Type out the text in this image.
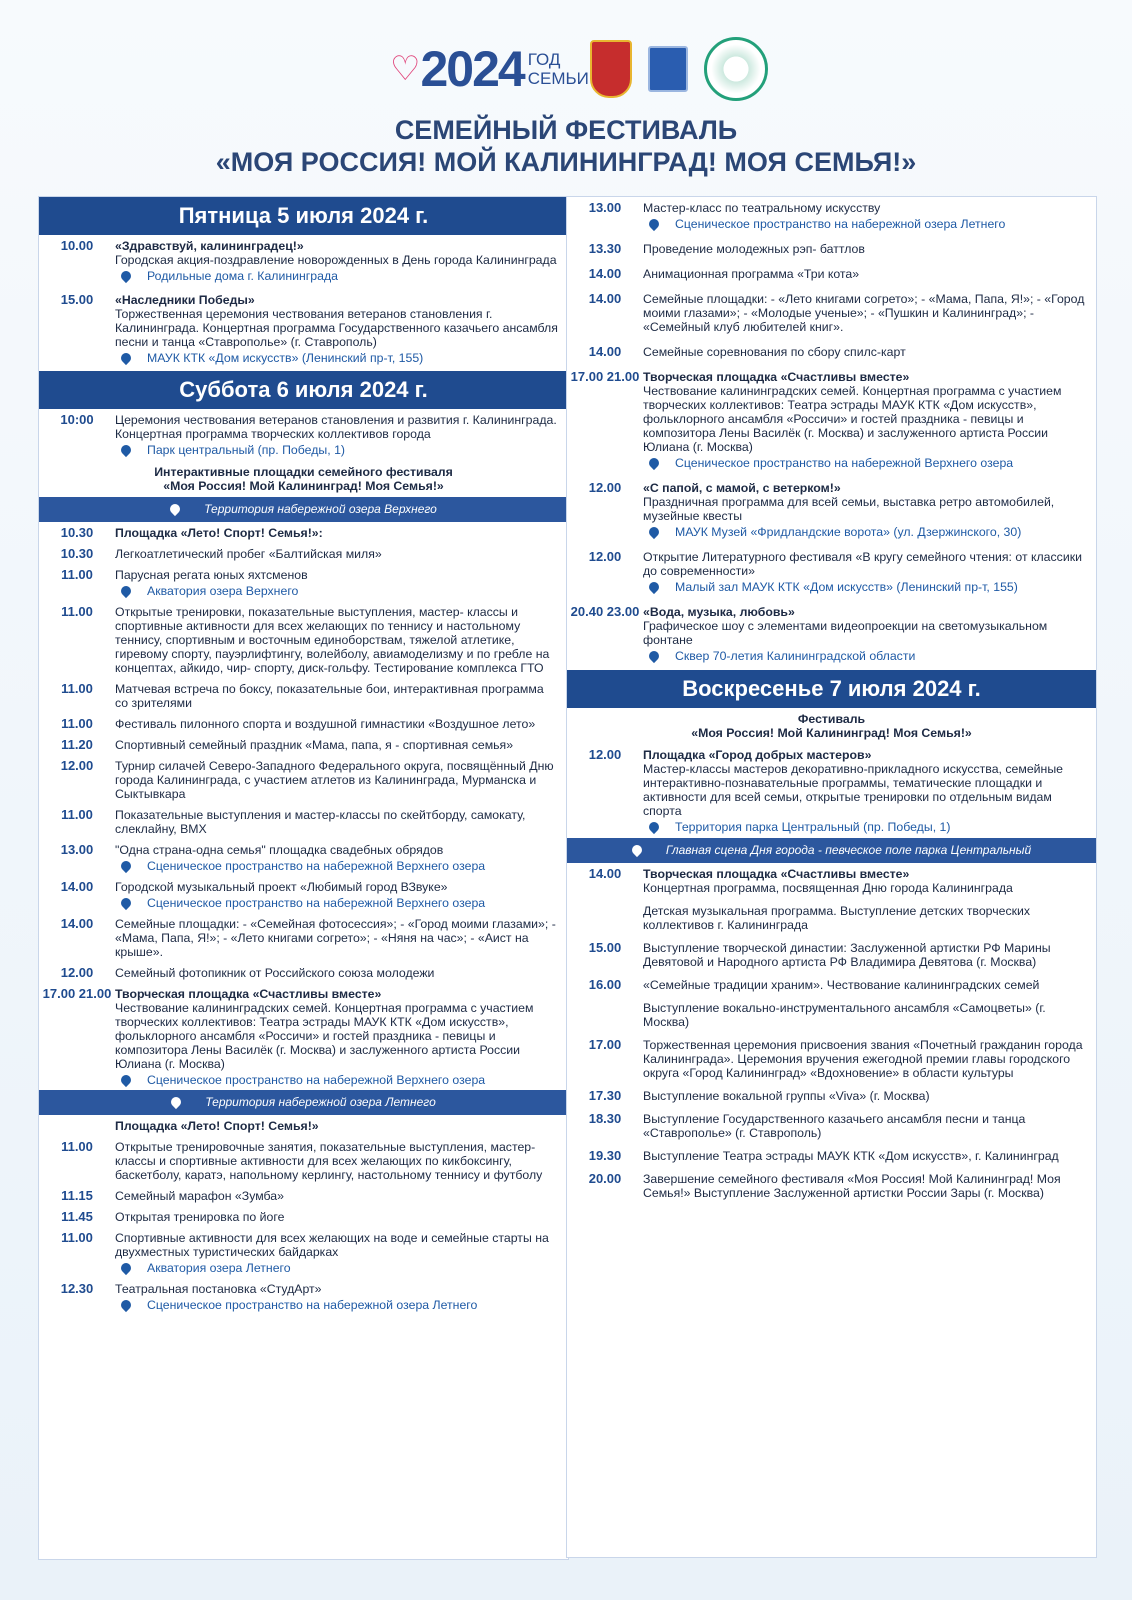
♡ 2024 ГОД
СЕМЬИ
СЕМЕЙНЫЙ ФЕСТИВАЛЬ
«МОЯ РОССИЯ! МОЙ КАЛИНИНГРАД! МОЯ СЕМЬЯ!»
Пятница 5 июля 2024 г.
10.00	«Здравствуй, калининградец!»
Городская акция-поздравление новорожденных в День города Калининграда
Родильные дома г. Калининграда
15.00	«Наследники Победы»
Торжественная церемония чествования ветеранов становления г. Калининграда. Концертная программа Государственного казачьего ансамбля песни и танца «Ставрополье» (г. Ставрополь)
МАУК КТК «Дом искусств» (Ленинский пр-т, 155)
Суббота 6 июля 2024 г.
10:00	Церемония чествования ветеранов становления и развития г. Калининграда. Концертная программа творческих коллективов города
Парк центральный (пр. Победы, 1)
Интерактивные площадки семейного фестиваля
«Моя Россия! Мой Калининград! Моя Семья!»
Территория набережной озера Верхнего
10.30	Площадка «Лето! Спорт! Семья!»:
10.30	Легкоатлетический пробег «Балтийская миля»
11.00	Парусная регата юных яхтсменов
Акватория озера Верхнего
11.00	Открытые тренировки, показательные выступления, мастер- классы и спортивные активности для всех желающих по теннису и настольному теннису, спортивным и восточным единоборствам, тяжелой атлетике, гиревому спорту, пауэрлифтингу, волейболу, авиамоделизму и по гребле на концептах, айкидо, чир- спорту, диск-гольфу. Тестирование комплекса ГТО
11.00	Матчевая встреча по боксу, показательные бои, интерактивная программа со зрителями
11.00	Фестиваль пилонного спорта и воздушной гимнастики «Воздушное лето»
11.20	Спортивный семейный праздник «Мама, папа, я - спортивная семья»
12.00	Турнир силачей Северо-Западного Федерального округа, посвящённый Дню города Калининграда, с участием атлетов из Калининграда, Мурманска и Сыктывкара
11.00	Показательные выступления и мастер-классы по скейтборду, самокату, слеклайну, BMX
13.00	"Одна страна-одна семья" площадка свадебных обрядов
Сценическое пространство на набережной Верхнего озера
14.00	Городской музыкальный проект «Любимый город ВЗвуке»
Сценическое пространство на набережной Верхнего озера
14.00	Семейные площадки: - «Семейная фотосессия»; - «Город моими глазами»; - «Мама, Папа, Я!»; - «Лето книгами согрето»; - «Няня на час»; - «Аист на крыше».
12.00	Семейный фотопикник от Российского союза молодежи
17.00 21.00 Творческая площадка «Счастливы вместе»
Чествование калининградских семей. Концертная программа с участием творческих коллективов: Театра эстрады МАУК КТК «Дом искусств», фольклорного ансамбля «Россичи» и гостей праздника - певицы и композитора Лены Василёк (г. Москва) и заслуженного артиста России Юлиана (г. Москва)
Сценическое пространство на набережной Верхнего озера
Территория набережной озера Летнего
Площадка «Лето! Спорт! Семья!»
11.00	Открытые тренировочные занятия, показательные выступления, мастер-классы и спортивные активности для всех желающих по кикбоксингу, баскетболу, каратэ, напольному керлингу, настольному теннису и футболу
11.15	Семейный марафон «Зумба»
11.45	Открытая тренировка по йоге
11.00	Спортивные активности для всех желающих на воде и семейные старты на двухместных туристических байдарках
Акватория озера Летнего
12.30	Театральная постановка «СтудАрт»
Сценическое пространство на набережной озера Летнего
13.00	Мастер-класс по театральному искусству
Сценическое пространство на набережной озера Летнего
13.30	Проведение молодежных рэп- баттлов
14.00	Анимационная программа «Три кота»
14.00	Семейные площадки: - «Лето книгами согрето»; - «Мама, Папа, Я!»; - «Город моими глазами»; - «Молодые ученые»; - «Пушкин и Калининград»; - «Семейный клуб любителей книг».
14.00	Семейные соревнования по сбору спилс-карт
17.00 21.00 Творческая площадка «Счастливы вместе»
Чествование калининградских семей. Концертная программа с участием творческих коллективов: Театра эстрады МАУК КТК «Дом искусств», фольклорного ансамбля «Россичи» и гостей праздника - певицы и композитора Лены Василёк (г. Москва) и заслуженного артиста России Юлиана (г. Москва)
Сценическое пространство на набережной Верхнего озера
12.00	«С папой, с мамой, с ветерком!»
Праздничная программа для всей семьи, выставка ретро автомобилей, музейные квесты
МАУК Музей «Фридландские ворота» (ул. Дзержинского, 30)
12.00	Открытие Литературного фестиваля «В кругу семейного чтения: от классики до современности»
Малый зал МАУК КТК «Дом искусств» (Ленинский пр-т, 155)
20.40 23.00 «Вода, музыка, любовь»
Графическое шоу с элементами видеопроекции на светомузыкальном фонтане
Сквер 70-летия Калининградской области
Воскресенье 7 июля 2024 г.
Фестиваль
«Моя Россия! Мой Калининград! Моя Семья!»
12.00	Площадка «Город добрых мастеров»
Мастер-классы мастеров декоративно-прикладного искусства, семейные интерактивно-познавательные программы, тематические площадки и активности для всей семьи, открытые тренировки по отдельным видам спорта
Территория парка Центральный (пр. Победы, 1)
Главная сцена Дня города - певческое поле парка Центральный
14.00	Творческая площадка «Счастливы вместе»
Концертная программа, посвященная Дню города Калининграда
Детская музыкальная программа. Выступление детских творческих коллективов г. Калининграда
15.00	Выступление творческой династии: Заслуженной артистки РФ Марины Девятовой и Народного артиста РФ Владимира Девятова (г. Москва)
16.00	«Семейные традиции храним». Чествование калининградских семей
Выступление вокально-инструментального ансамбля «Самоцветы» (г. Москва)
17.00	Торжественная церемония присвоения звания «Почетный гражданин города Калининграда». Церемония вручения ежегодной премии главы городского округа «Город Калининград» «Вдохновение» в области культуры
17.30	Выступление вокальной группы «Viva» (г. Москва)
18.30	Выступление Государственного казачьего ансамбля песни и танца «Ставрополье» (г. Ставрополь)
19.30	Выступление Театра эстрады МАУК КТК «Дом искусств», г. Калининград
20.00	Завершение семейного фестиваля «Моя Россия! Мой Калининград! Моя Семья!» Выступление Заслуженной артистки России Зары (г. Москва)
